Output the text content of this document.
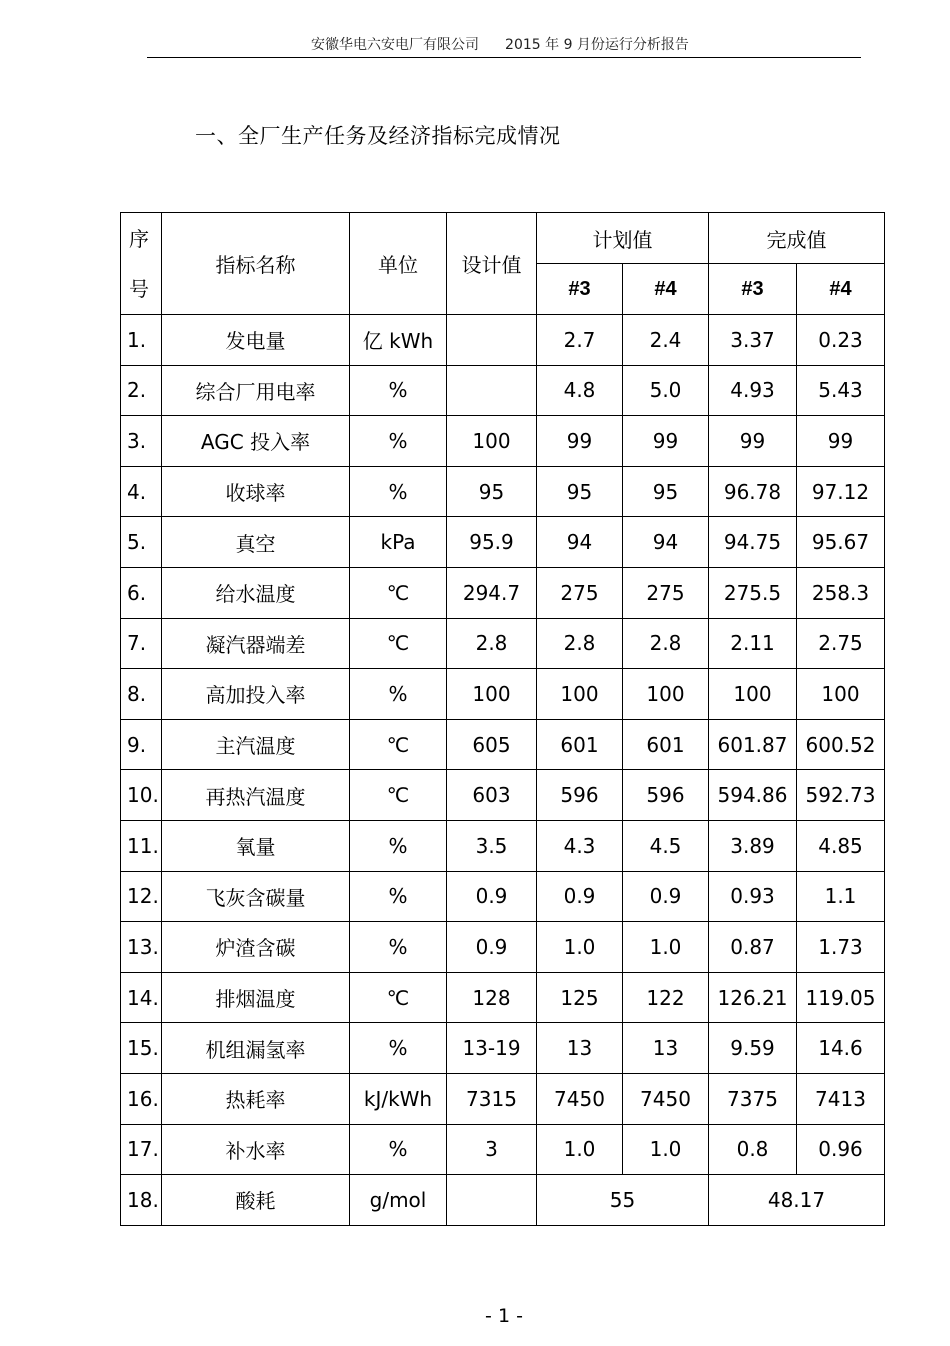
安徽华电六安电厂有限公司 2015 年 9 月份运行分析报告
一、全厂生产任务及经济指标完成情况
序
号	指标名称	单位	设计值	计划值		完成值	
				#3	#4	#3	#4
1.	发电量	亿 kWh		2.7	2.4	3.37	0.23
2.	综合厂用电率	%		4.8	5.0	4.93	5.43
3.	AGC 投入率	%	100	99	99	99	99
4.	收球率	%	95	95	95	96.78	97.12
5.	真空	kPa	95.9	94	94	94.75	95.67
6.	给水温度	℃	294.7	275	275	275.5	258.3
7.	凝汽器端差	℃	2.8	2.8	2.8	2.11	2.75
8.	高加投入率	%	100	100	100	100	100
9.	主汽温度	℃	605	601	601	601.87	600.52
10.	再热汽温度	℃	603	596	596	594.86	592.73
11.	氧量	%	3.5	4.3	4.5	3.89	4.85
12.	飞灰含碳量	%	0.9	0.9	0.9	0.93	1.1
13.	炉渣含碳	%	0.9	1.0	1.0	0.87	1.73
14.	排烟温度	℃	128	125	122	126.21	119.05
15.	机组漏氢率	%	13-19	13	13	9.59	14.6
16.	热耗率	kJ/kWh	7315	7450	7450	7375	7413
17.	补水率	%	3	1.0	1.0	0.8	0.96
18.	酸耗	g/mol		55		48.17	
- 1 -
